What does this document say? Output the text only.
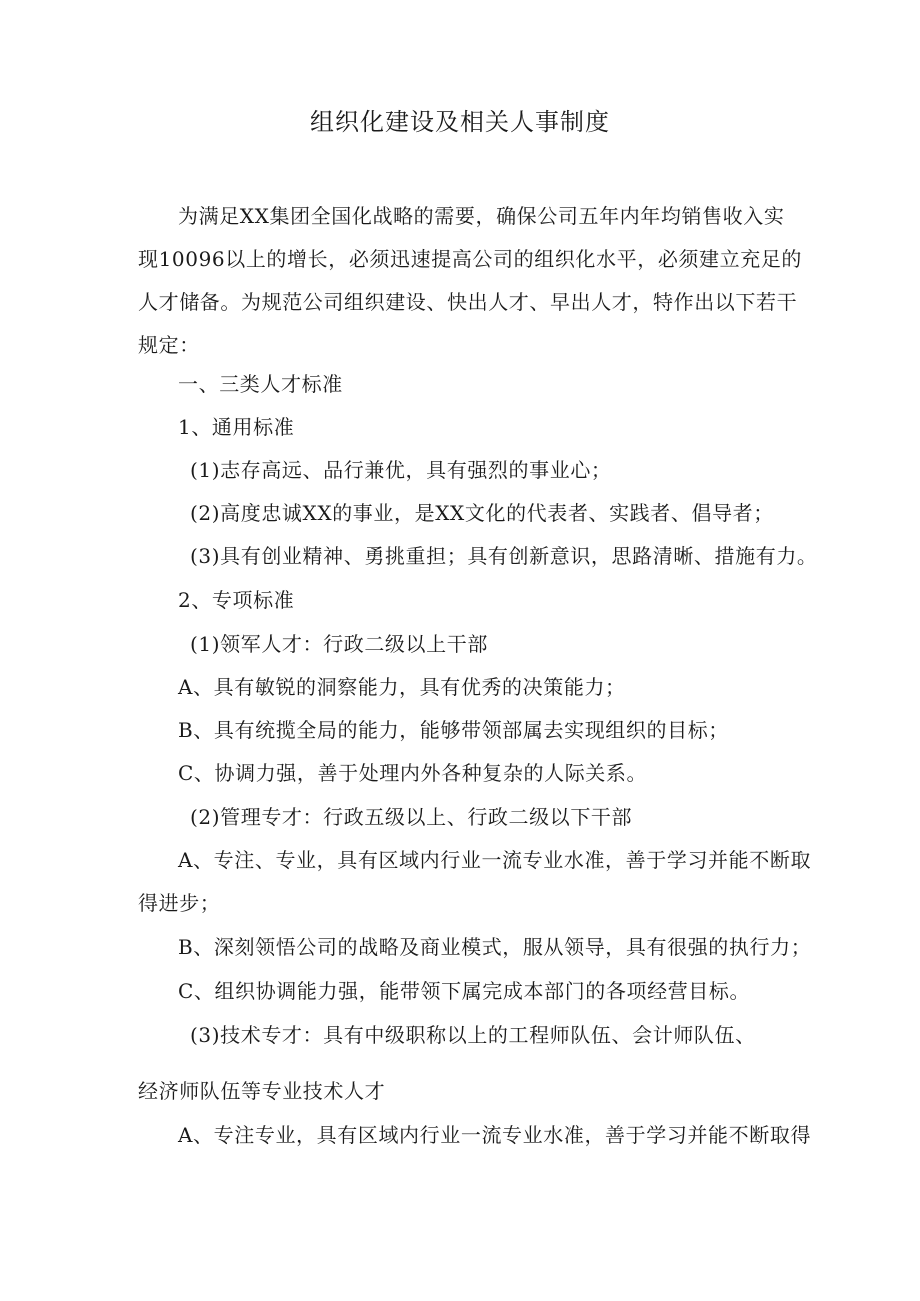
组织化建设及相关人事制度
为满足XX集团全国化战略的需要，确保公司五年内年均销售收入实
现10096以上的增长，必须迅速提高公司的组织化水平，必须建立充足的
人才储备。为规范公司组织建设、快出人才、早出人才，特作出以下若干
规定：
一、三类人才标准
1、通用标准
(1)志存高远、品行兼优，具有强烈的事业心；
(2)高度忠诚XX的事业，是XX文化的代表者、实践者、倡导者；
(3)具有创业精神、勇挑重担；具有创新意识，思路清晰、措施有力。
2、专项标准
(1)领军人才：行政二级以上干部
A、具有敏锐的洞察能力，具有优秀的决策能力；
B、具有统揽全局的能力，能够带领部属去实现组织的目标；
C、协调力强，善于处理内外各种复杂的人际关系。
(2)管理专才：行政五级以上、行政二级以下干部
A、专注、专业，具有区域内行业一流专业水准，善于学习并能不断取
得进步；
B、深刻领悟公司的战略及商业模式，服从领导，具有很强的执行力；
C、组织协调能力强，能带领下属完成本部门的各项经营目标。
(3)技术专才：具有中级职称以上的工程师队伍、会计师队伍、
经济师队伍等专业技术人才
A、专注专业，具有区域内行业一流专业水准，善于学习并能不断取得
